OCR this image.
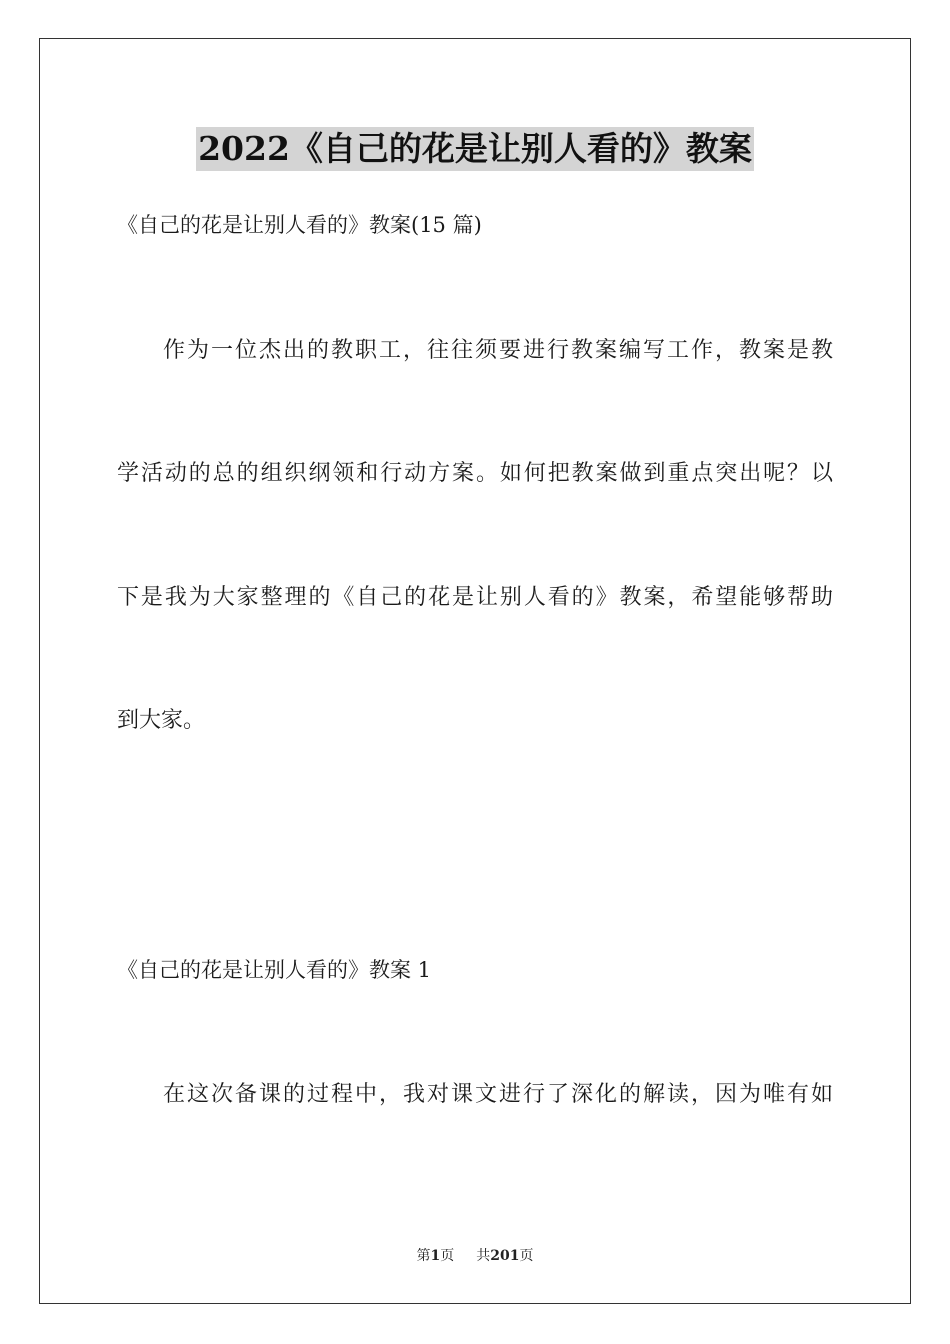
2022《自己的花是让别人看的》教案
《自己的花是让别人看的》教案(15 篇)
作为一位杰出的教职工，往往须要进行教案编写工作，教案是教
学活动的总的组织纲领和行动方案。如何把教案做到重点突出呢？以
下是我为大家整理的《自己的花是让别人看的》教案，希望能够帮助
到大家。
《自己的花是让别人看的》教案 1
在这次备课的过程中，我对课文进行了深化的解读，因为唯有如
第1页 共201页
